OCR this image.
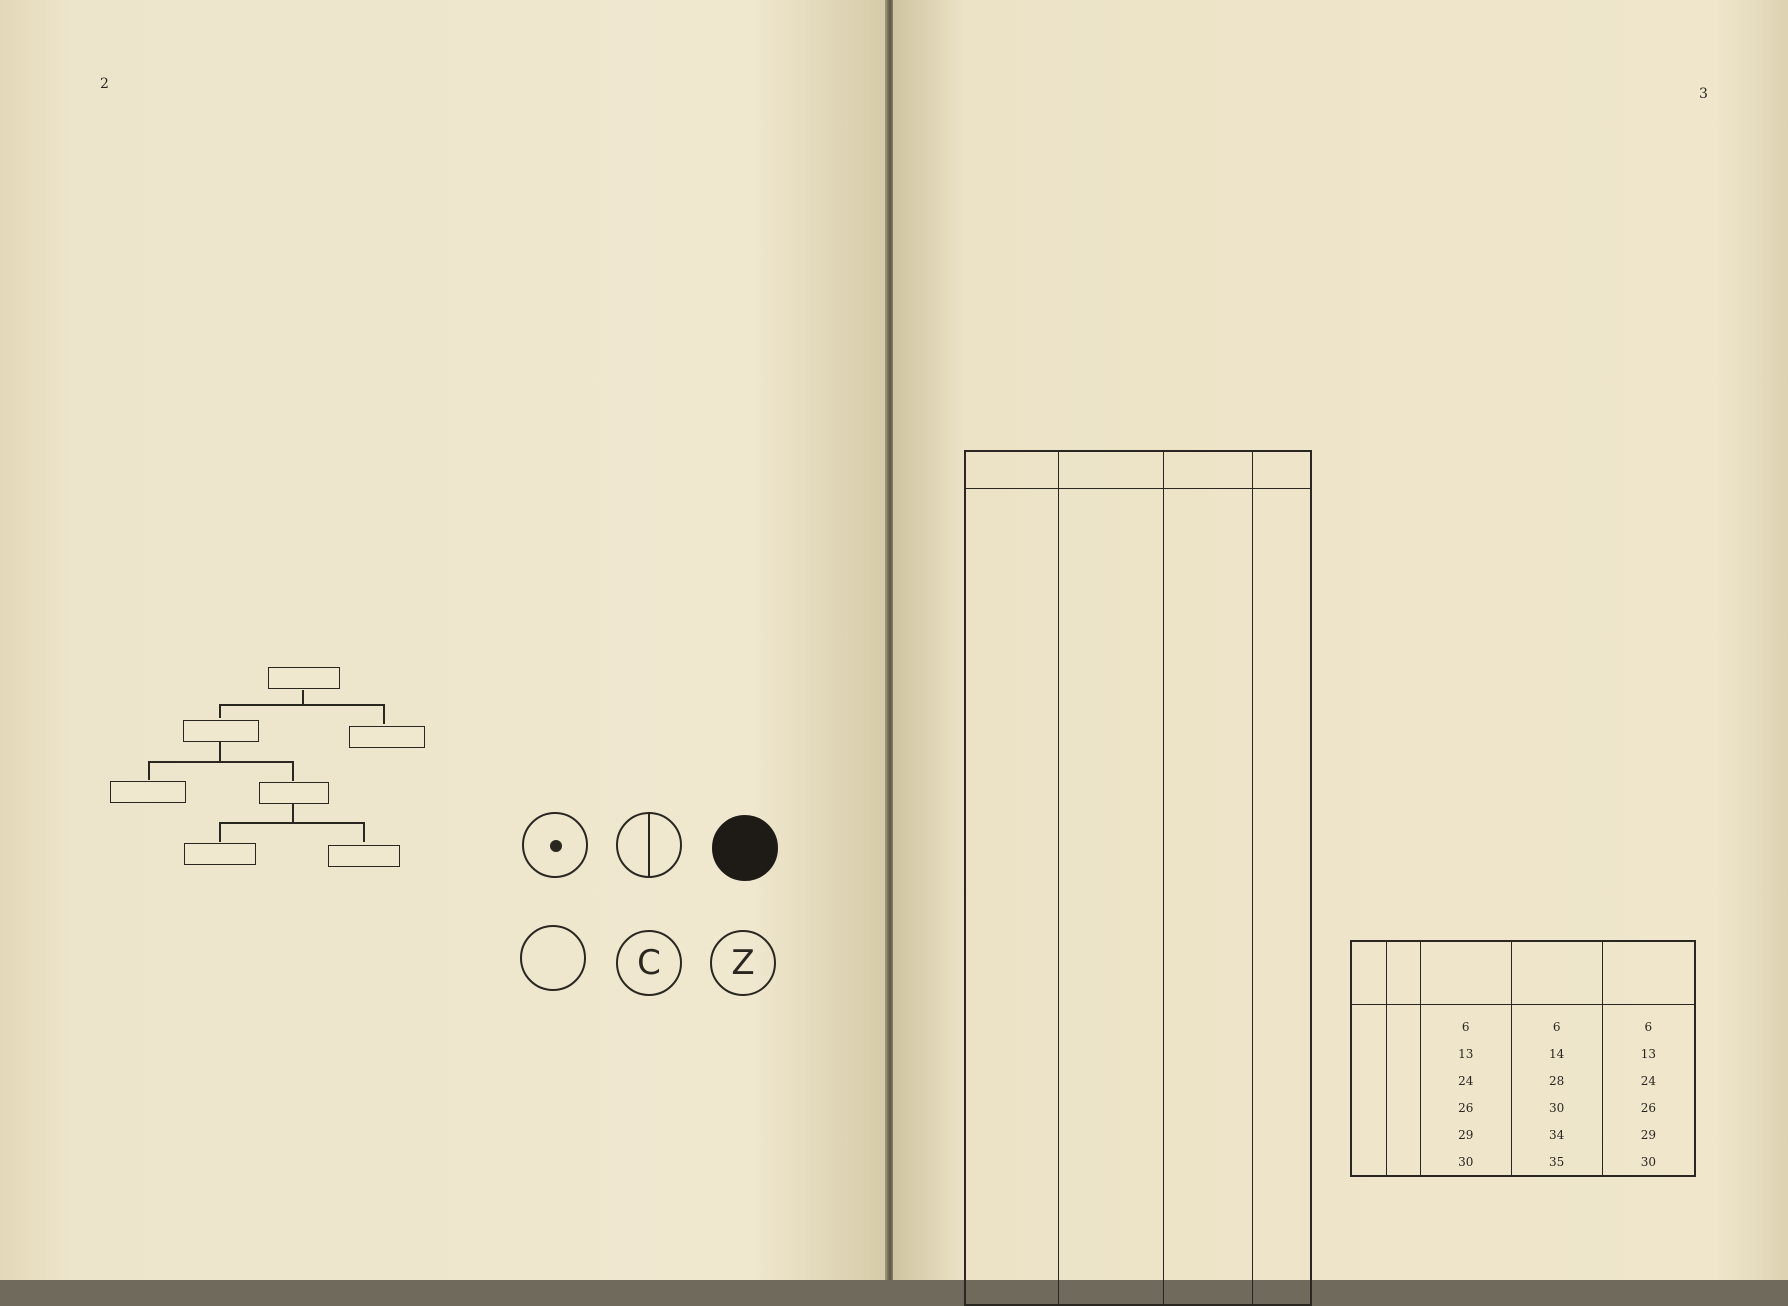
2

C	Z

3

		6	6	6
		13	14	13
		24	28	24
		26	30	26
		29	34	29
		30	35	30
